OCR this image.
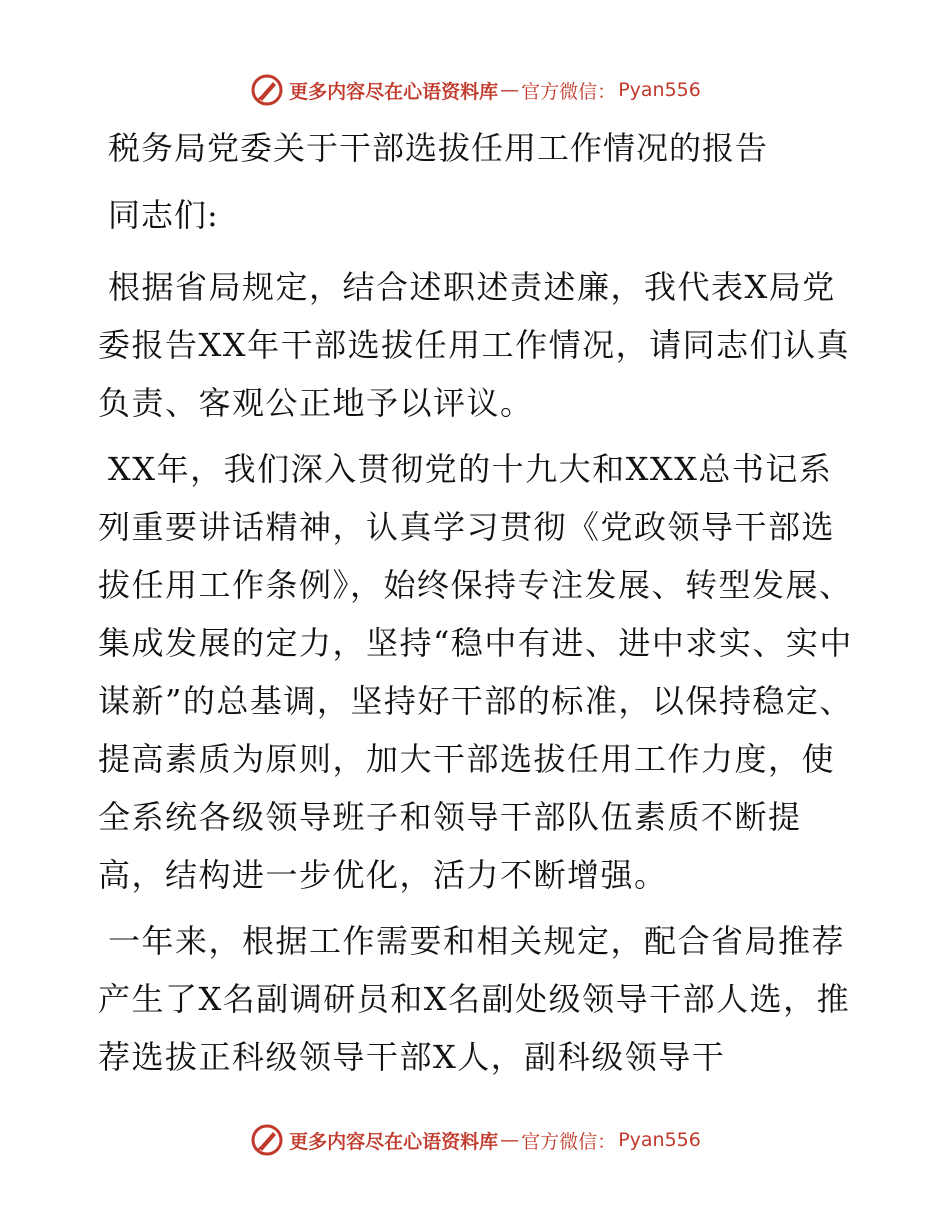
更多内容尽在心语资料库 — 官方微信： Pyan556
税务局党委关于干部选拔任用工作情况的报告
同志们:

根据省局规定，结合述职述责述廉，我代表X局党委报告XX年干部选拔任用工作情况，请同志们认真负责、客观公正地予以评议。

XX年，我们深入贯彻党的十九大和XXX总书记系列重要讲话精神，认真学习贯彻《党政领导干部选拔任用工作条例》，始终保持专注发展、转型发展、集成发展的定力，坚持“稳中有进、进中求实、实中谋新”的总基调，坚持好干部的标准，以保持稳定、提高素质为原则，加大干部选拔任用工作力度，使全系统各级领导班子和领导干部队伍素质不断提高，结构进一步优化，活力不断增强。

一年来，根据工作需要和相关规定，配合省局推荐产生了X名副调研员和X名副处级领导干部人选，推荐选拔正科级领导干部X人，副科级领导干

更多内容尽在心语资料库 — 官方微信： Pyan556
